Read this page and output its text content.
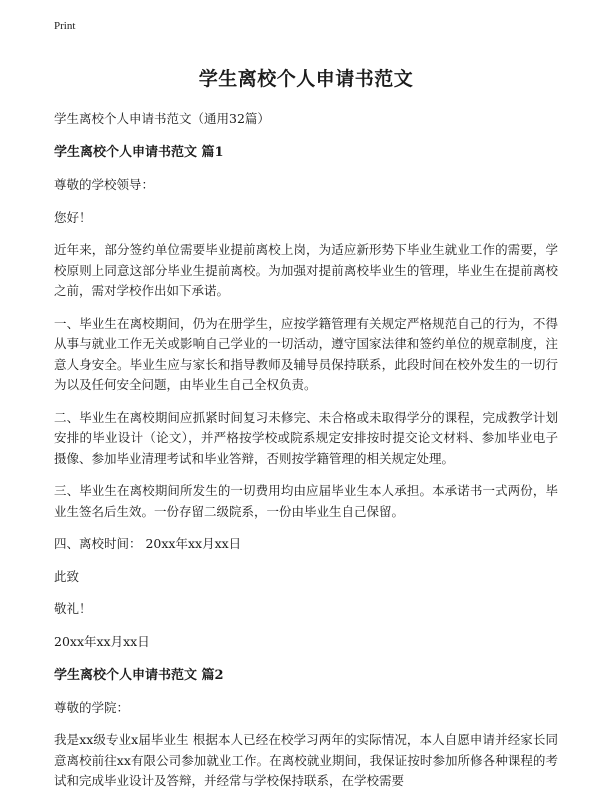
Print
学生离校个人申请书范文
学生离校个人申请书范文（通用32篇）
学生离校个人申请书范文 篇1
尊敬的学校领导：
您好！
近年来，部分签约单位需要毕业提前离校上岗，为适应新形势下毕业生就业工作的需要，学校原则上同意这部分毕业生提前离校。为加强对提前离校毕业生的管理，毕业生在提前离校之前，需对学校作出如下承诺。
一、毕业生在离校期间，仍为在册学生，应按学籍管理有关规定严格规范自己的行为，不得从事与就业工作无关或影响自己学业的一切活动，遵守国家法律和签约单位的规章制度，注意人身安全。毕业生应与家长和指导教师及辅导员保持联系，此段时间在校外发生的一切行为以及任何安全问题，由毕业生自己全权负责。
二、毕业生在离校期间应抓紧时间复习未修完、未合格或未取得学分的课程，完成教学计划安排的毕业设计（论文），并严格按学校或院系规定安排按时提交论文材料、参加毕业电子摄像、参加毕业清理考试和毕业答辩，否则按学籍管理的相关规定处理。
三、毕业生在离校期间所发生的一切费用均由应届毕业生本人承担。本承诺书一式两份，毕业生签名后生效。一份存留二级院系，一份由毕业生自己保留。
四、离校时间： 20xx年xx月xx日
此致
敬礼！
20xx年xx月xx日
学生离校个人申请书范文 篇2
尊敬的学院：
我是xx级专业x届毕业生 根据本人已经在校学习两年的实际情况，本人自愿申请并经家长同意离校前往xx有限公司参加就业工作。在离校就业期间，我保证按时参加所修各种课程的考试和完成毕业设计及答辩，并经常与学校保持联系，在学校需要
